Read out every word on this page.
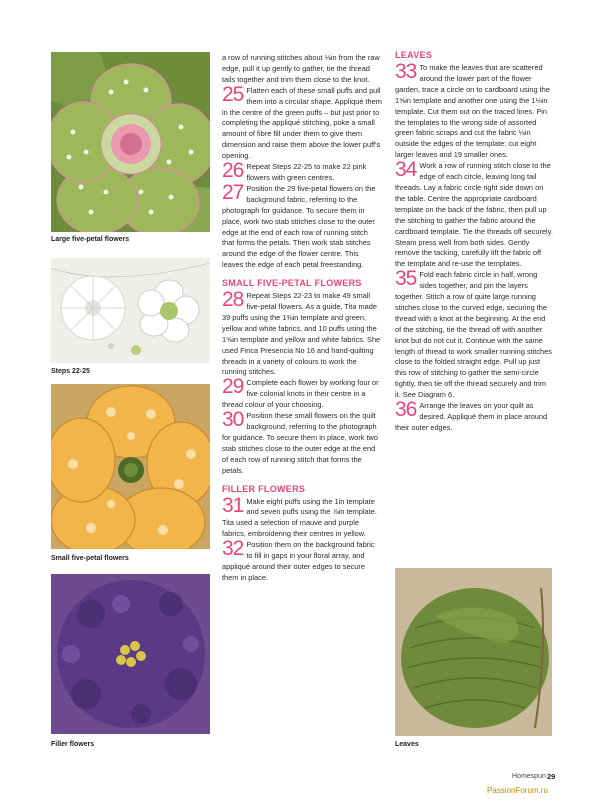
Large five-petal flowers
Steps 22-25
Small five-petal flowers
Filler flowers	Leaves

a row of running stitches about ⅛in from the raw edge, pull it up gently to gather, tie the thread tails together and trim them close to the knot.

25 Flatten each of these small puffs and pull them into a circular shape. Appliqué them in the centre of the green puffs – but just prior to completing the appliqué stitching, poke a small amount of fibre fill under them to give them dimension and raise them above the lower puff's opening.
26 Repeat Steps 22-25 to make 22 pink flowers with green centres.
27 Position the 29 five-petal flowers on the background fabric, referring to the photograph for guidance. To secure them in place, work two stab stitches close to the outer edge at the end of each row of running stitch that forms the petals. Then work stab stitches around the edge of the flower centre. This leaves the edge of each petal freestanding.
SMALL FIVE-PETAL FLOWERS
28 Repeat Steps 22-23 to make 49 small five-petal flowers. As a guide, Tita made 39 puffs using the 1⅜in template and green, yellow and white fabrics, and 10 puffs using the 1⅝in template and yellow and white fabrics. She used Finca Presencia No 16 and hand-quilting threads in a variety of colours to work the running stitches.
29 Complete each flower by working four or five colonial knots in their centre in a thread colour of your choosing.
30 Position these small flowers on the quilt background, referring to the photograph for guidance. To secure them in place, work two stab stitches close to the outer edge at the end of each row of running stitch that forms the petals.
FILLER FLOWERS
31 Make eight puffs using the 1in template and seven puffs using the ⅞in template. Tita used a selection of mauve and purple fabrics, embroidering their centres in yellow.
32 Position them on the background fabric to fill in gaps in your floral array, and appliqué around their outer edges to secure them in place.
LEAVES
33 To make the leaves that are scattered around the lower part of the flower garden, trace a circle on to cardboard using the 1⅝in template and another one using the 1⅛in template. Cut them out on the traced lines. Pin the templates to the wrong side of assorted green fabric scraps and cut the fabric ⅛in outside the edges of the template: cut eight larger leaves and 19 smaller ones.
34 Work a row of running stitch close to the edge of each circle, leaving long tail threads. Lay a fabric circle right side down on the table. Centre the appropriate cardboard template on the back of the fabric, then pull up the stitching to gather the fabric around the cardboard template. Tie the threads off securely. Steam press well from both sides. Gently remove the tacking, carefully lift the fabric off the template and re-use the templates.
35 Fold each fabric circle in half, wrong sides together, and pin the layers together. Stitch a row of quite large running stitches close to the curved edge, securing the thread with a knot at the beginning. At the end of the stitching, tie the thread off with another knot but do not cut it. Continue with the same length of thread to work smaller running stitches close to the folded straight edge. Pull up just this row of stitching to gather the semi-circle tightly, then tie off the thread securely and trim it. See Diagram 6.
36 Arrange the leaves on your quilt as desired. Appliqué them in place around their outer edges.
Homespun 29
PassionForum.ru
